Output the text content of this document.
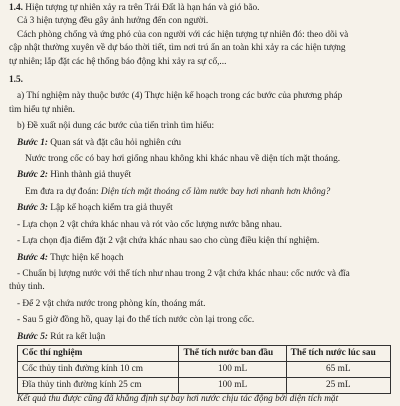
1.4. Hiện tượng tự nhiên xảy ra trên Trái Đất là hạn hán và gió bão.

Cả 3 hiện tượng đều gây ảnh hưởng đến con người.

Cách phòng chống và ứng phó của con người với các hiện tượng tự nhiên đó: theo dõi và

cập nhật thường xuyên về dự báo thời tiết, tìm nơi trú ẩn an toàn khi xảy ra các hiện tượng

tự nhiên; lắp đặt các hệ thống báo động khi xảy ra sự cố,...

1.5.

a) Thí nghiệm này thuộc bước (4) Thực hiện kế hoạch trong các bước của phương pháp

tìm hiểu tự nhiên.

b) Đề xuất nội dung các bước của tiến trình tìm hiểu:

Bước 1: Quan sát và đặt câu hỏi nghiên cứu

Nước trong cốc có bay hơi giống nhau không khi khác nhau về diện tích mặt thoáng.

Bước 2: Hình thành giả thuyết

Em đưa ra dự đoán: Diện tích mặt thoáng cố làm nước bay hơi nhanh hơn không?

Bước 3: Lập kế hoạch kiểm tra giả thuyết

- Lựa chọn 2 vật chứa khác nhau và rót vào cốc lượng nước bằng nhau.

- Lựa chọn địa điểm đặt 2 vật chứa khác nhau sao cho cùng điều kiện thí nghiệm.

Bước 4: Thực hiện kế hoạch

- Chuẩn bị lượng nước với thể tích như nhau trong 2 vật chứa khác nhau: cốc nước và đĩa

thủy tinh.

- Để 2 vật chứa nước trong phòng kín, thoáng mát.

- Sau 5 giờ đồng hồ, quay lại đo thể tích nước còn lại trong cốc.

Bước 5: Rút ra kết luận

Cốc thí nghiệm	Thể tích nước ban đầu	Thể tích nước lúc sau
Cốc thủy tinh đường kính 10 cm	100 mL	65 mL
Đĩa thủy tinh đường kính 25 cm	100 mL	25 mL

Kết quả thu được cũng đã khẳng định sự bay hơi nước chịu tác động bởi diện tích mặt
